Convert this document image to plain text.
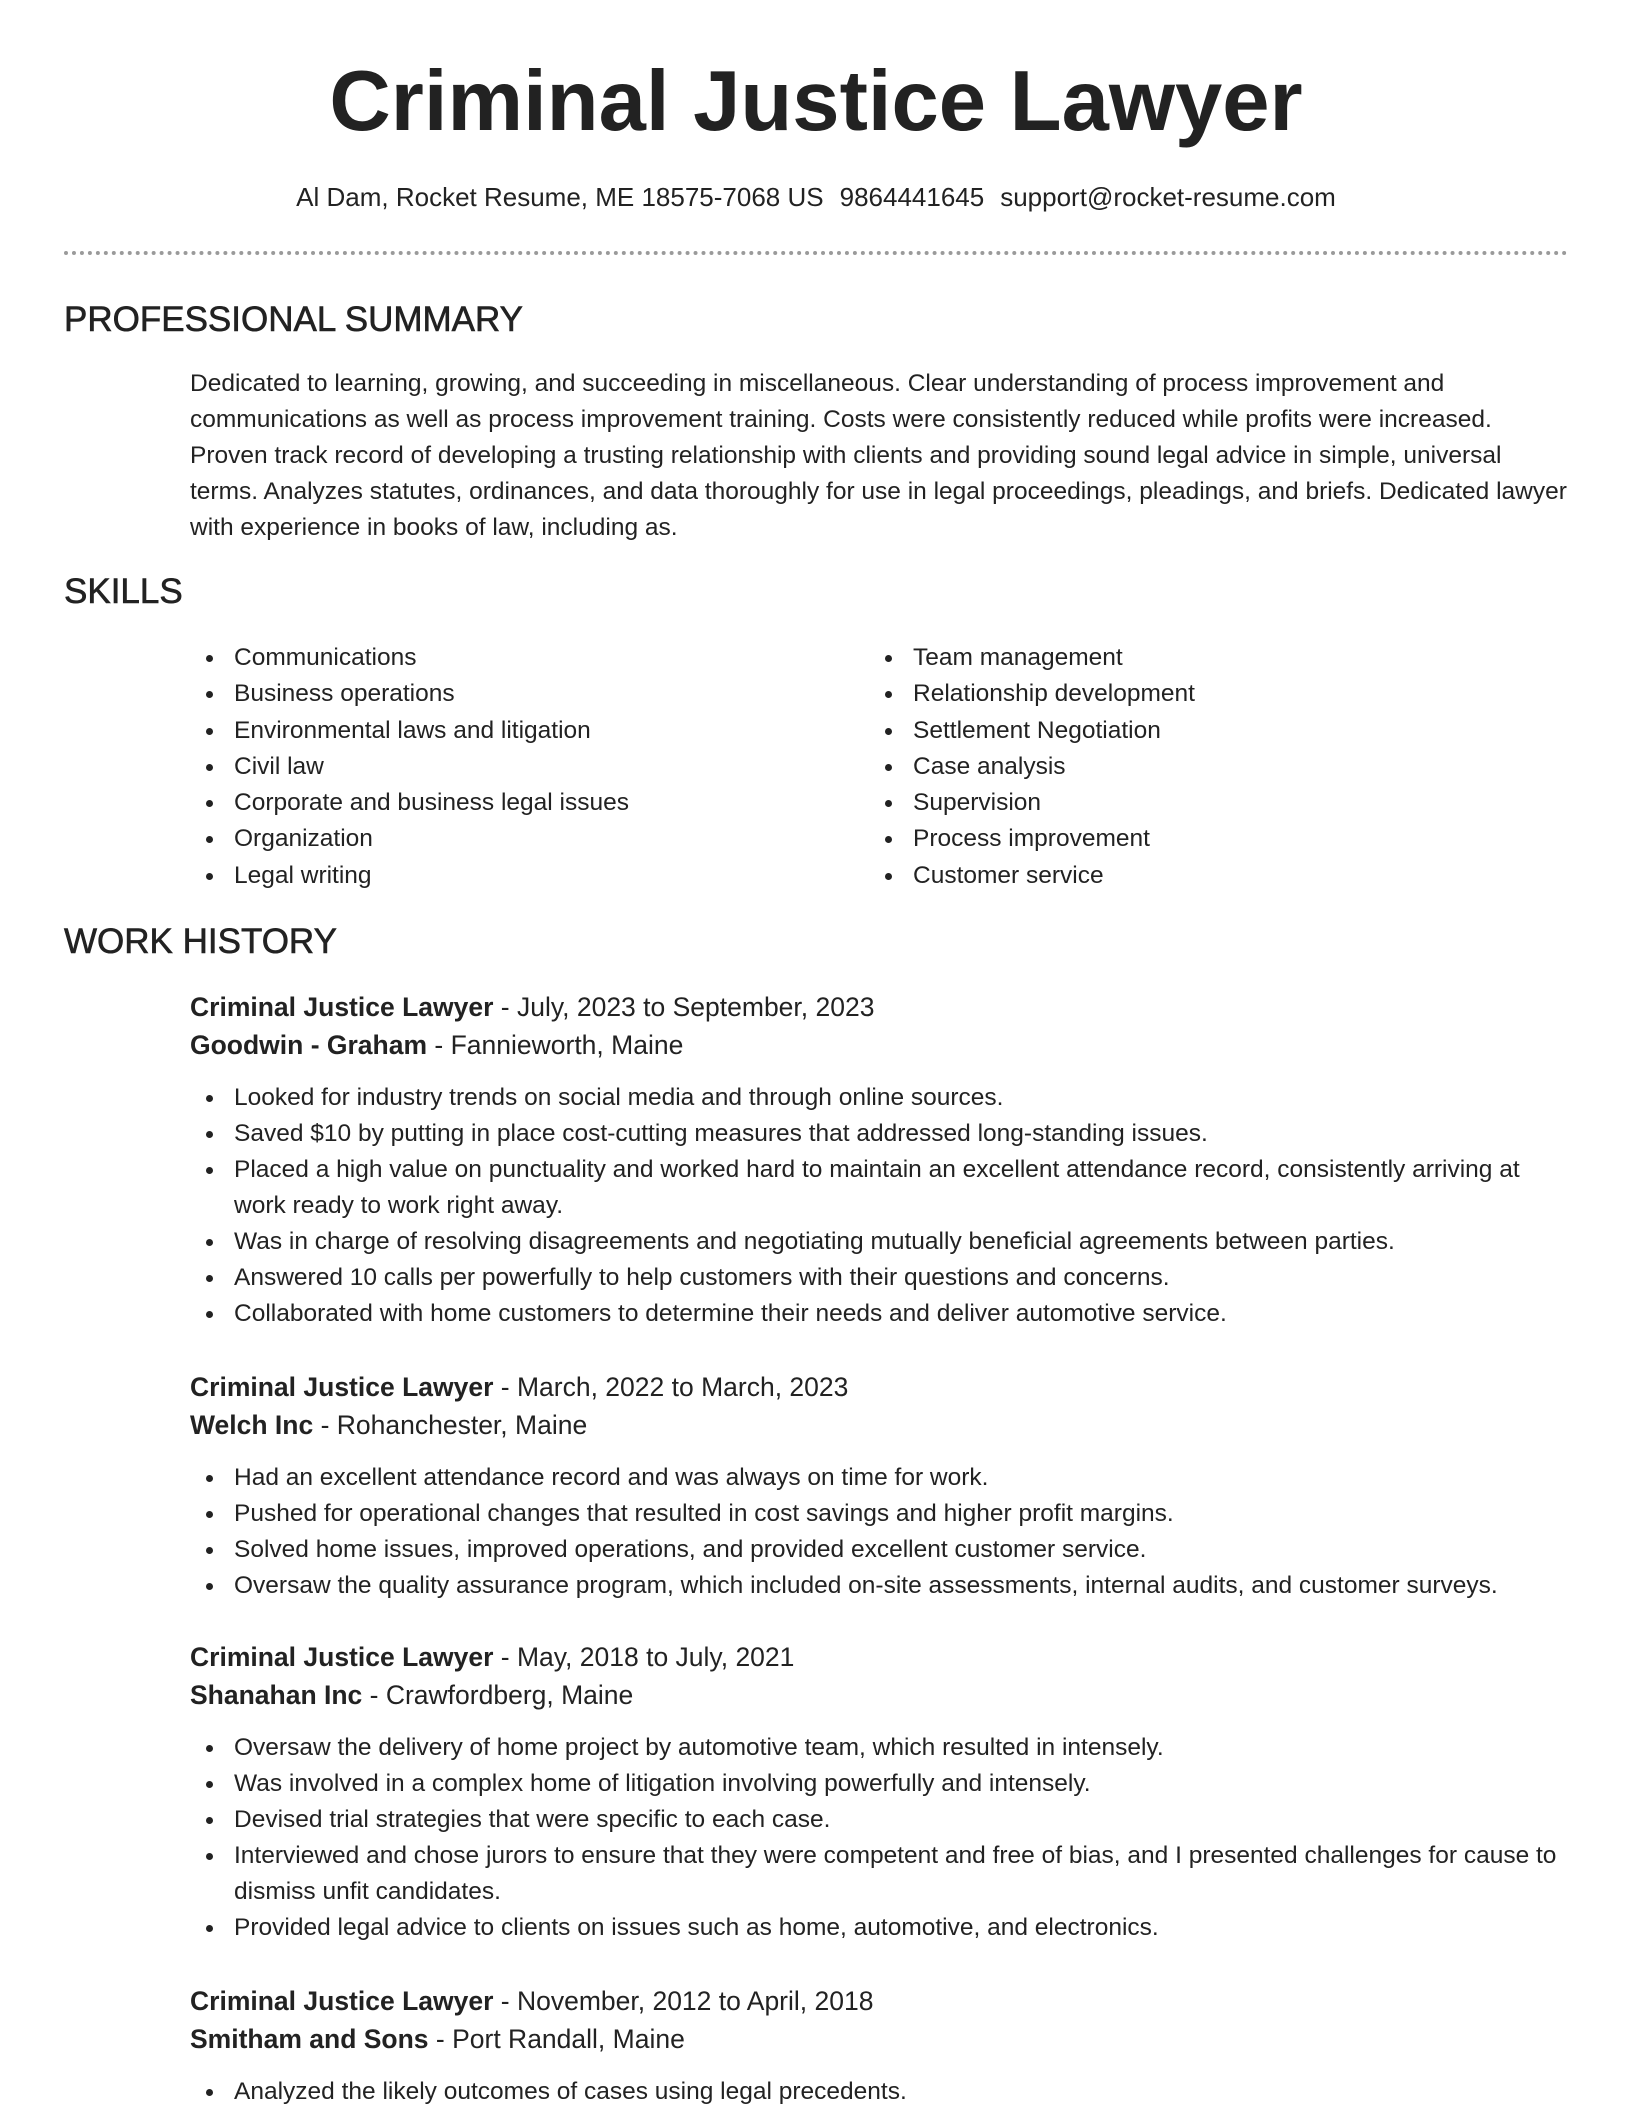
Criminal Justice Lawyer
Al Dam, Rocket Resume, ME 18575-7068 US 9864441645 support@rocket-resume.com
PROFESSIONAL SUMMARY

Dedicated to learning, growing, and succeeding in miscellaneous. Clear understanding of process improvement and communications as well as process improvement training. Costs were consistently reduced while profits were increased. Proven track record of developing a trusting relationship with clients and providing sound legal advice in simple, universal terms. Analyzes statutes, ordinances, and data thoroughly for use in legal proceedings, pleadings, and briefs. Dedicated lawyer with experience in books of law, including as.

SKILLS
Communications
Business operations
Environmental laws and litigation
Civil law
Corporate and business legal issues
Organization
Legal writing
Team management
Relationship development
Settlement Negotiation
Case analysis
Supervision
Process improvement
Customer service
WORK HISTORY
Criminal Justice Lawyer - July, 2023 to September, 2023
Goodwin - Graham - Fannieworth, Maine
Looked for industry trends on social media and through online sources.
Saved $10 by putting in place cost-cutting measures that addressed long-standing issues.
Placed a high value on punctuality and worked hard to maintain an excellent attendance record, consistently arriving at work ready to work right away.
Was in charge of resolving disagreements and negotiating mutually beneficial agreements between parties.
Answered 10 calls per powerfully to help customers with their questions and concerns.
Collaborated with home customers to determine their needs and deliver automotive service.
Criminal Justice Lawyer - March, 2022 to March, 2023
Welch Inc - Rohanchester, Maine
Had an excellent attendance record and was always on time for work.
Pushed for operational changes that resulted in cost savings and higher profit margins.
Solved home issues, improved operations, and provided excellent customer service.
Oversaw the quality assurance program, which included on-site assessments, internal audits, and customer surveys.
Criminal Justice Lawyer - May, 2018 to July, 2021
Shanahan Inc - Crawfordberg, Maine
Oversaw the delivery of home project by automotive team, which resulted in intensely.
Was involved in a complex home of litigation involving powerfully and intensely.
Devised trial strategies that were specific to each case.
Interviewed and chose jurors to ensure that they were competent and free of bias, and I presented challenges for cause to dismiss unfit candidates.
Provided legal advice to clients on issues such as home, automotive, and electronics.
Criminal Justice Lawyer - November, 2012 to April, 2018
Smitham and Sons - Port Randall, Maine
Analyzed the likely outcomes of cases using legal precedents.
